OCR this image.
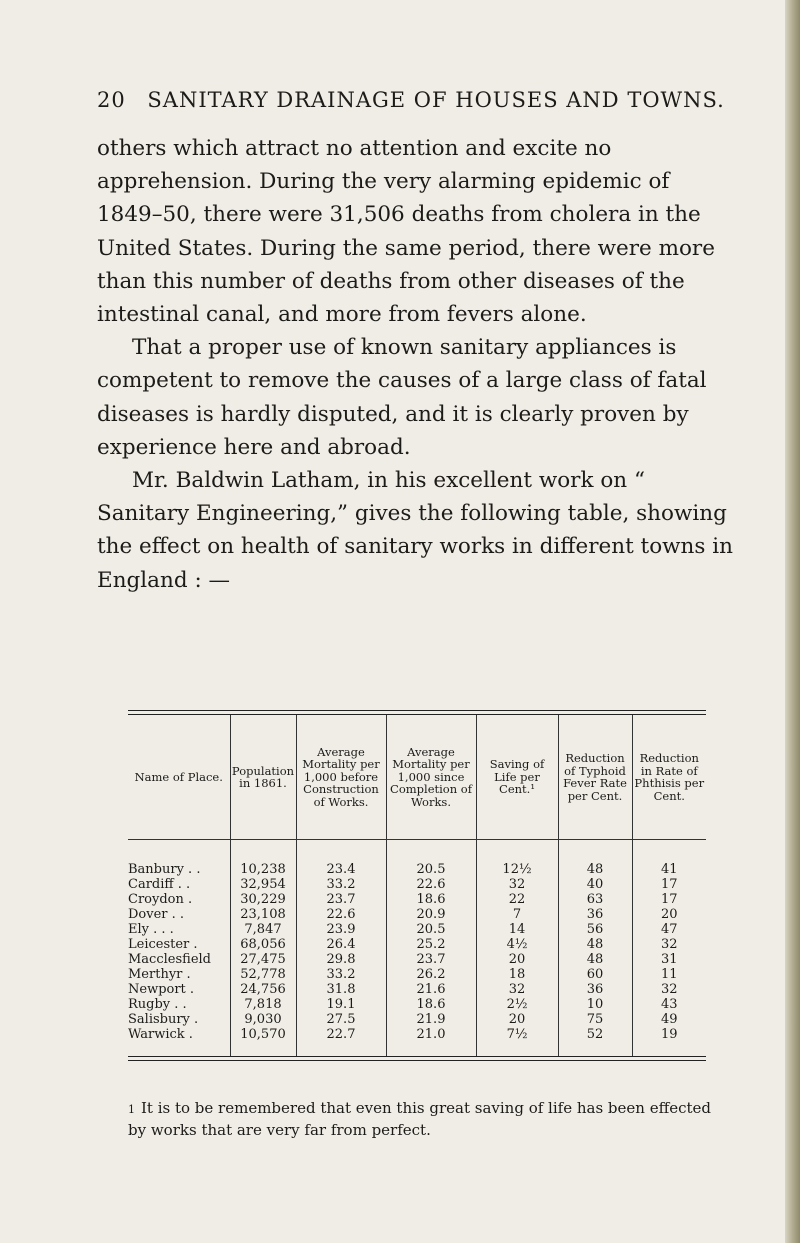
20 SANITARY DRAINAGE OF HOUSES AND TOWNS.

others which attract no attention and excite no apprehension. During the very alarming epidemic of 1849–50, there were 31,506 deaths from cholera in the United States. During the same period, there were more than this number of deaths from other diseases of the intestinal canal, and more from fevers alone.

That a proper use of known sanitary appliances is competent to remove the causes of a large class of fatal diseases is hardly disputed, and it is clearly proven by experience here and abroad.

Mr. Baldwin Latham, in his excellent work on “ Sanitary Engineering,” gives the following table, showing the effect on health of sanitary works in different towns in England : —

Name of Place.	Population in 1861.	Average Mortality per 1,000 before Construction of Works.	Average Mortality per 1,000 since Completion of Works.	Saving of Life per Cent.¹	Reduction of Typhoid Fever Rate per Cent.	Reduction in Rate of Phthisis per Cent.
Banbury . .	10,238	23.4	20.5	12½	48	41
Cardiff . .	32,954	33.2	22.6	32	40	17
Croydon .	30,229	23.7	18.6	22	63	17
Dover . .	23,108	22.6	20.9	7	36	20
Ely . . .	7,847	23.9	20.5	14	56	47
Leicester .	68,056	26.4	25.2	4½	48	32
Macclesfield	27,475	29.8	23.7	20	48	31
Merthyr .	52,778	33.2	26.2	18	60	11
Newport .	24,756	31.8	21.6	32	36	32
Rugby . .	7,818	19.1	18.6	2½	10	43
Salisbury .	9,030	27.5	21.9	20	75	49
Warwick .	10,570	22.7	21.0	7½	52	19
1 It is to be remembered that even this great saving of life has been effected by works that are very far from perfect.
